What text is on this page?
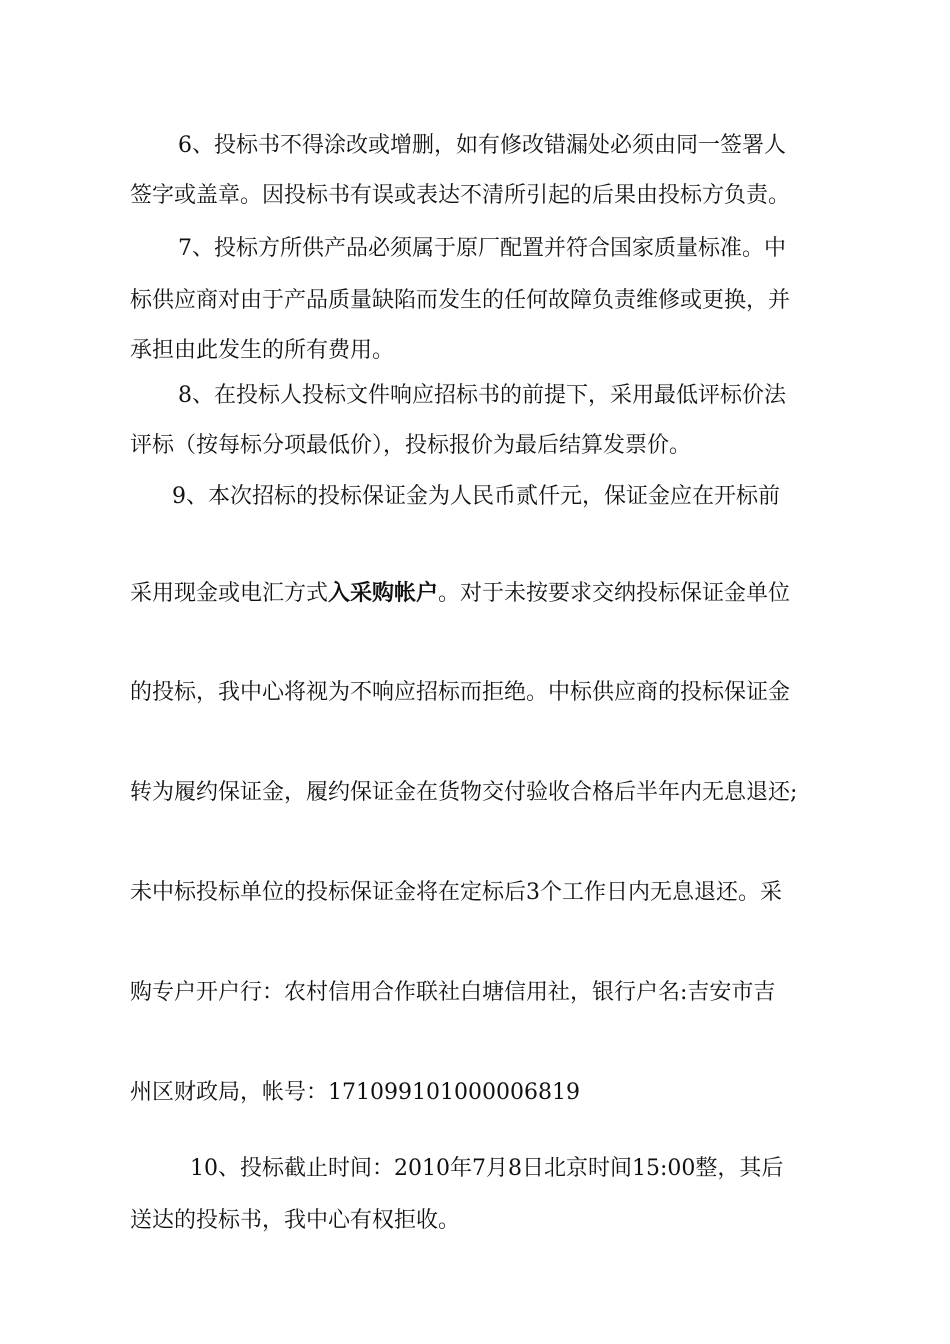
6、投标书不得涂改或增删，如有修改错漏处必须由同一签署人

签字或盖章。因投标书有误或表达不清所引起的后果由投标方负责。

7、投标方所供产品必须属于原厂配置并符合国家质量标准。中

标供应商对由于产品质量缺陷而发生的任何故障负责维修或更换，并

承担由此发生的所有费用。

8、在投标人投标文件响应招标书的前提下，采用最低评标价法

评标（按每标分项最低价），投标报价为最后结算发票价。

9、本次招标的投标保证金为人民币贰仟元，保证金应在开标前

采用现金或电汇方式入采购帐户。对于未按要求交纳投标保证金单位

的投标，我中心将视为不响应招标而拒绝。中标供应商的投标保证金

转为履约保证金，履约保证金在货物交付验收合格后半年内无息退还;

未中标投标单位的投标保证金将在定标后3个工作日内无息退还。采

购专户开户行：农村信用合作联社白塘信用社，银行户名:吉安市吉

州区财政局，帐号：171099101000006819

10、投标截止时间：2010年7月8日北京时间15:00整，其后

送达的投标书，我中心有权拒收。
